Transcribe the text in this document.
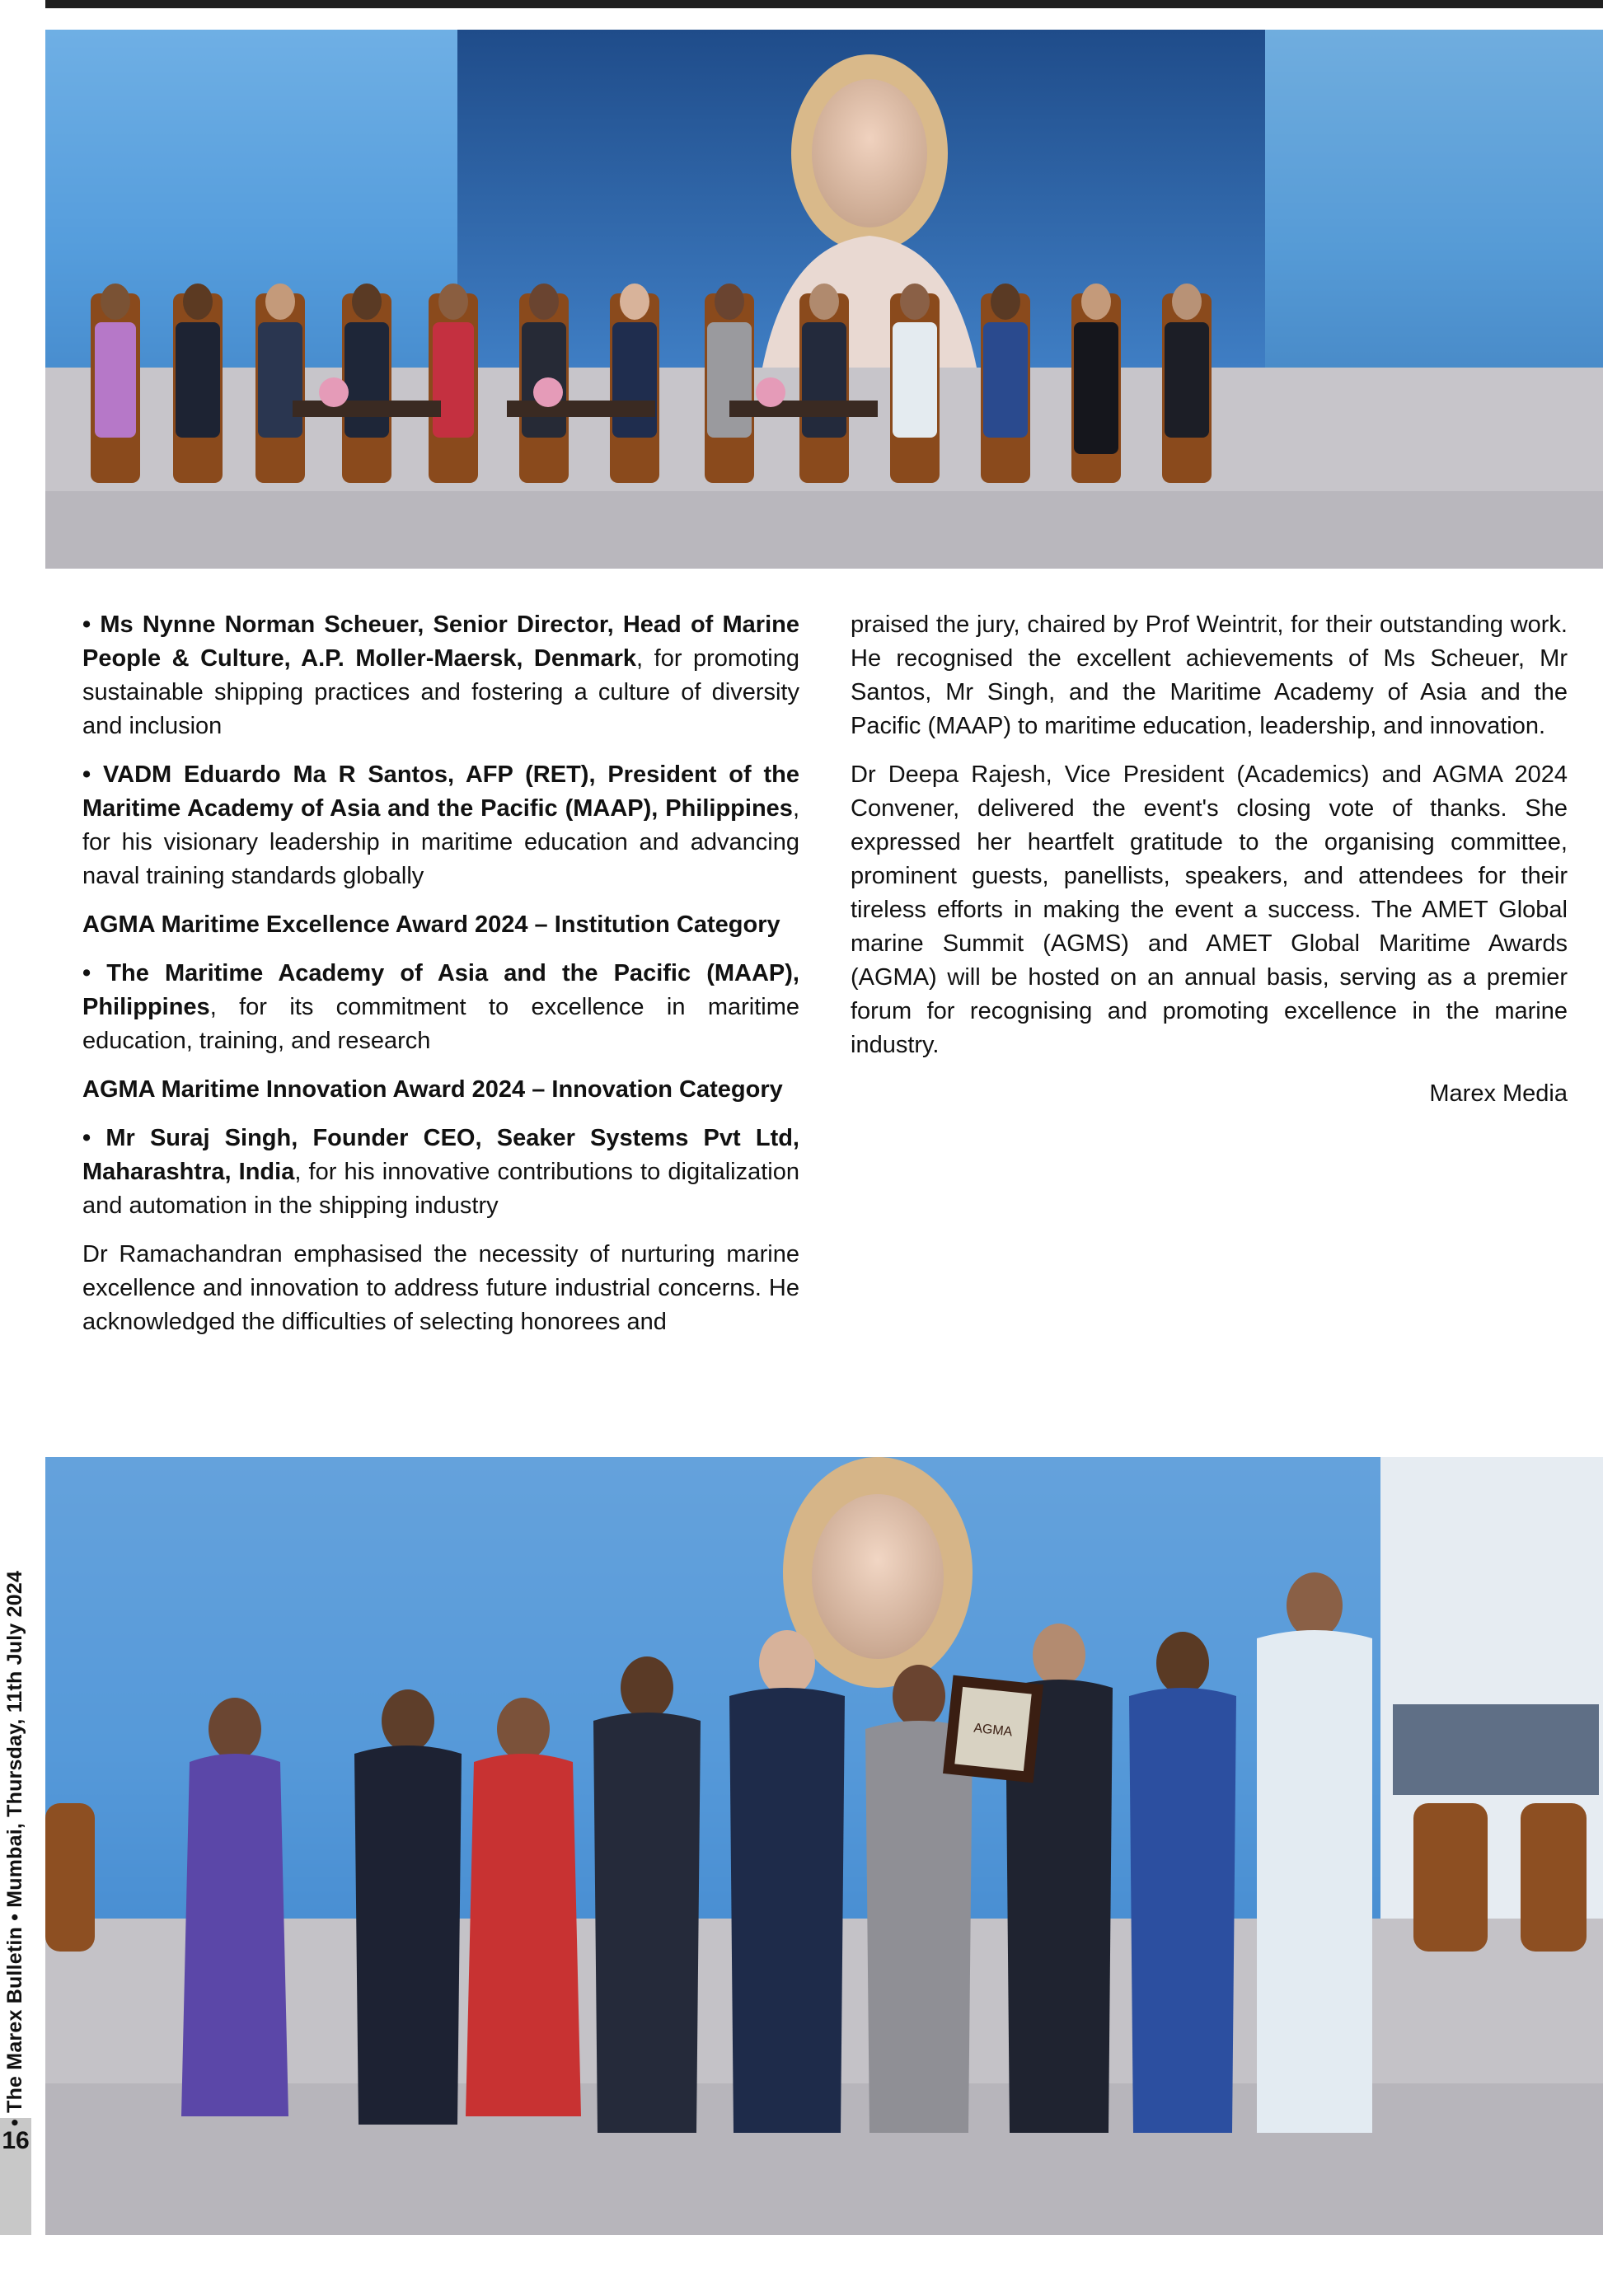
• Ms Nynne Norman Scheuer, Senior Director, Head of Marine People & Culture, A.P. Moller-Maersk, Denmark, for promoting sustainable shipping practices and fostering a culture of diversity and inclusion

• VADM Eduardo Ma R Santos, AFP (RET), President of the Maritime Academy of Asia and the Pacific (MAAP), Philippines, for his visionary leadership in maritime education and advancing naval training standards globally

AGMA Maritime Excellence Award 2024 – Institution Category

• The Maritime Academy of Asia and the Pacific (MAAP), Philippines, for its commitment to excellence in maritime education, training, and research

AGMA Maritime Innovation Award 2024 – Innovation Category

• Mr Suraj Singh, Founder CEO, Seaker Systems Pvt Ltd, Maharashtra, India, for his innovative contributions to digitalization and automation in the shipping industry

Dr Ramachandran emphasised the necessity of nurturing marine excellence and innovation to address future industrial concerns. He acknowledged the difficulties of selecting honorees and

praised the jury, chaired by Prof Weintrit, for their outstanding work. He recognised the excellent achievements of Ms Scheuer, Mr Santos, Mr Singh, and the Maritime Academy of Asia and the Pacific (MAAP) to maritime education, leadership, and innovation.

Dr Deepa Rajesh, Vice President (Academics) and AGMA 2024 Convener, delivered the event's closing vote of thanks. She expressed her heartfelt gratitude to the organising committee, prominent guests, panellists, speakers, and attendees for their tireless efforts in making the event a success. The AMET Global marine Summit (AGMS) and AMET Global Maritime Awards (AGMA) will be hosted on an annual basis, serving as a premier forum for recognising and promoting excellence in the marine industry.

Marex Media

AGMA
16
• The Marex Bulletin • Mumbai, Thursday, 11th July 2024
